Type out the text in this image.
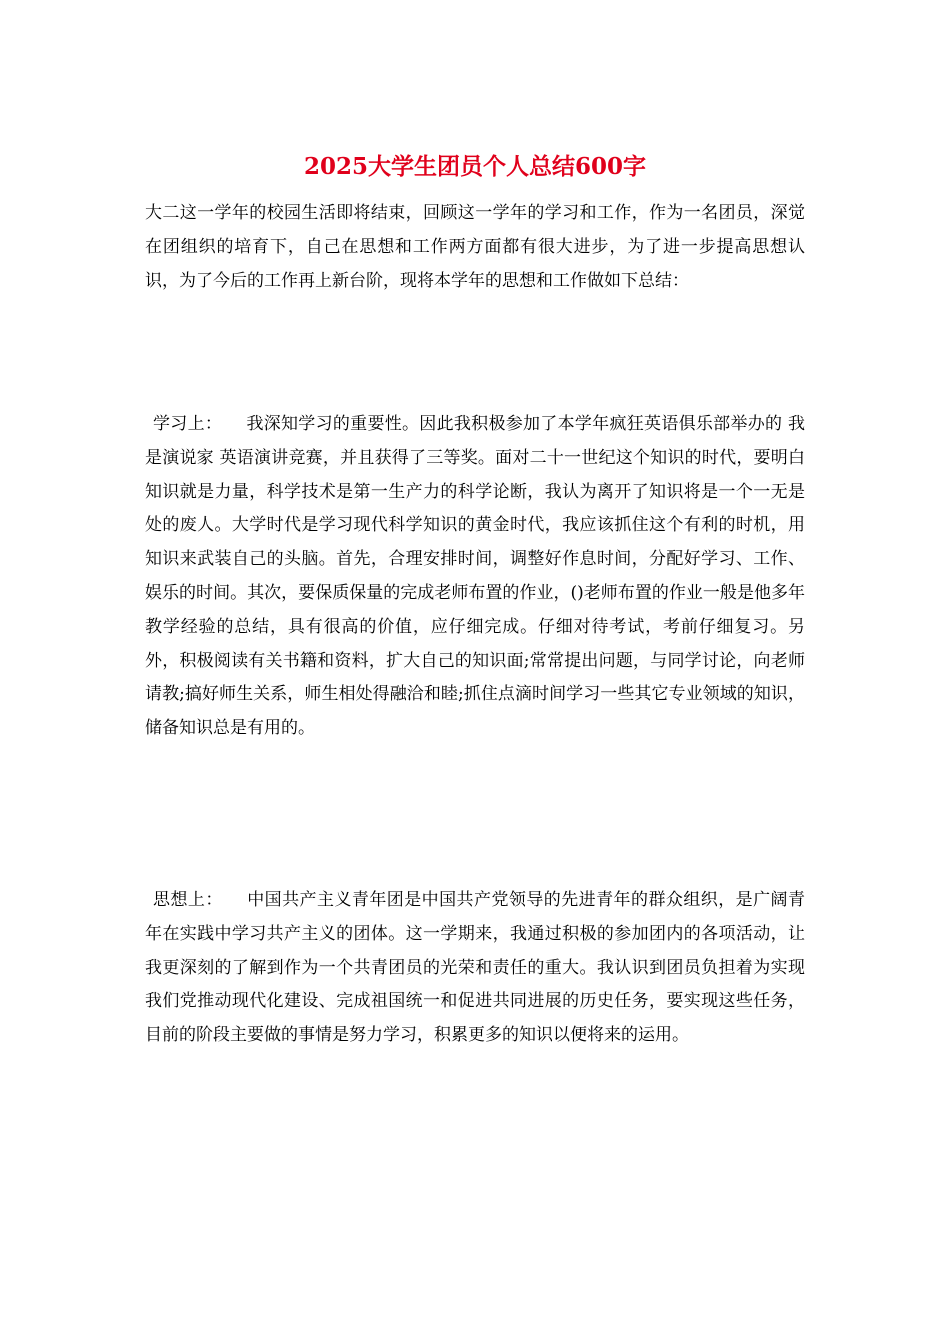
2025大学生团员个人总结600字

大二这一学年的校园生活即将结束，回顾这一学年的学习和工作，作为一名团员，深觉在团组织的培育下，自己在思想和工作两方面都有很大进步，为了进一步提高思想认识，为了今后的工作再上新台阶，现将本学年的思想和工作做如下总结：

学习上： 我深知学习的重要性。因此我积极参加了本学年疯狂英语俱乐部举办的 我是演说家 英语演讲竞赛，并且获得了三等奖。面对二十一世纪这个知识的时代，要明白知识就是力量，科学技术是第一生产力的科学论断，我认为离开了知识将是一个一无是处的废人。大学时代是学习现代科学知识的黄金时代，我应该抓住这个有利的时机，用知识来武装自己的头脑。首先，合理安排时间，调整好作息时间，分配好学习、工作、娱乐的时间。其次，要保质保量的完成老师布置的作业，()老师布置的作业一般是他多年教学经验的总结，具有很高的价值，应仔细完成。仔细对待考试，考前仔细复习。另外，积极阅读有关书籍和资料，扩大自己的知识面;常常提出问题，与同学讨论，向老师请教;搞好师生关系，师生相处得融洽和睦;抓住点滴时间学习一些其它专业领域的知识，储备知识总是有用的。

思想上： 中国共产主义青年团是中国共产党领导的先进青年的群众组织，是广阔青年在实践中学习共产主义的团体。这一学期来，我通过积极的参加团内的各项活动，让我更深刻的了解到作为一个共青团员的光荣和责任的重大。我认识到团员负担着为实现我们党推动现代化建设、完成祖国统一和促进共同进展的历史任务，要实现这些任务，目前的阶段主要做的事情是努力学习，积累更多的知识以便将来的运用。
